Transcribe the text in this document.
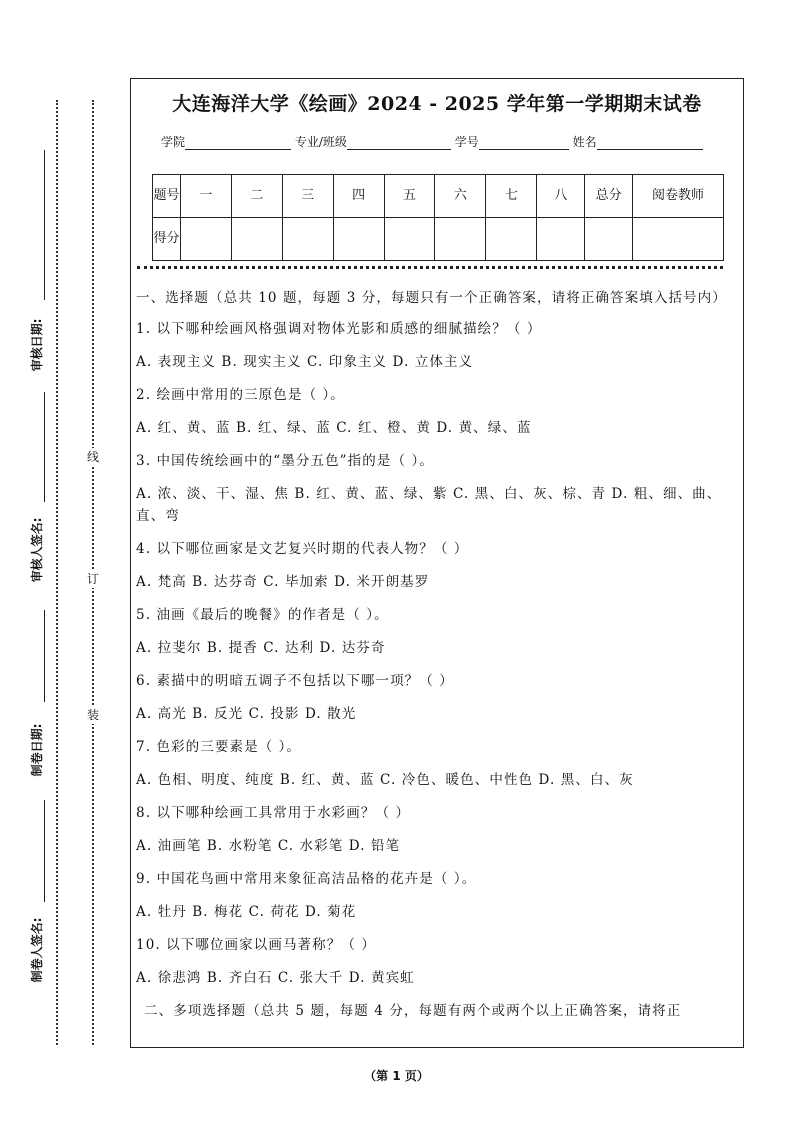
审核日期:
审核人签名:
制卷日期:
制卷人签名:
线
订
装
大连海洋大学《绘画》2024 - 2025 学年第一学期期末试卷
学院	专业/班级	学号	姓名
题号	一	二	三	四	五	六	七	八	总分	阅卷教师
得分										
一、选择题（总共 10 题，每题 3 分，每题只有一个正确答案，请将正确答案填入括号内）
1. 以下哪种绘画风格强调对物体光影和质感的细腻描绘？（ ）
A. 表现主义 B. 现实主义 C. 印象主义 D. 立体主义
2. 绘画中常用的三原色是（ ）。
A. 红、黄、蓝 B. 红、绿、蓝 C. 红、橙、黄 D. 黄、绿、蓝
3. 中国传统绘画中的“墨分五色”指的是（ ）。
A. 浓、淡、干、湿、焦 B. 红、黄、蓝、绿、紫 C. 黑、白、灰、棕、青 D. 粗、细、曲、直、弯
4. 以下哪位画家是文艺复兴时期的代表人物？（ ）
A. 梵高 B. 达芬奇 C. 毕加索 D. 米开朗基罗
5. 油画《最后的晚餐》的作者是（ ）。
A. 拉斐尔 B. 提香 C. 达利 D. 达芬奇
6. 素描中的明暗五调子不包括以下哪一项？（ ）
A. 高光 B. 反光 C. 投影 D. 散光
7. 色彩的三要素是（ ）。
A. 色相、明度、纯度 B. 红、黄、蓝 C. 冷色、暖色、中性色 D. 黑、白、灰
8. 以下哪种绘画工具常用于水彩画？（ ）
A. 油画笔 B. 水粉笔 C. 水彩笔 D. 铅笔
9. 中国花鸟画中常用来象征高洁品格的花卉是（ ）。
A. 牡丹 B. 梅花 C. 荷花 D. 菊花
10. 以下哪位画家以画马著称？（ ）
A. 徐悲鸿 B. 齐白石 C. 张大千 D. 黄宾虹
二、多项选择题（总共 5 题，每题 4 分，每题有两个或两个以上正确答案，请将正
（第 1 页）
